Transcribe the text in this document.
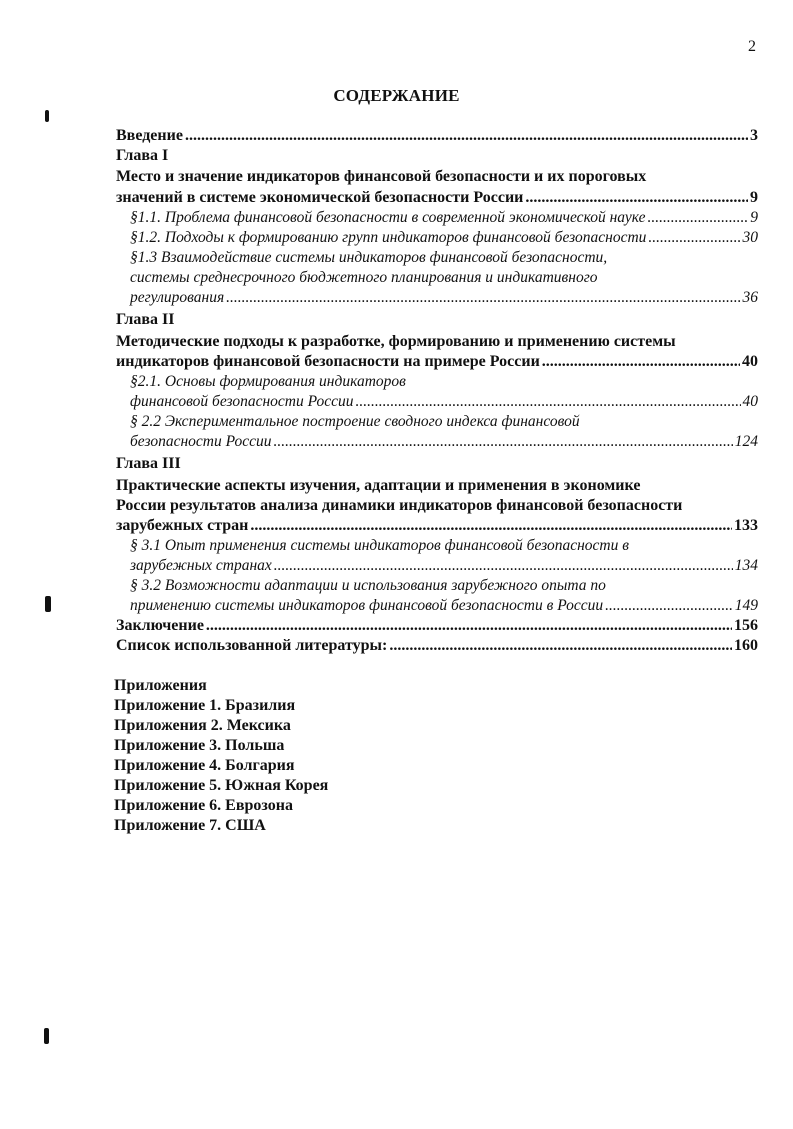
2
СОДЕРЖАНИЕ
Введение .....	3
Глава I
Место и значение индикаторов финансовой безопасности и их пороговых
значений в системе экономической безопасности России .....	9
§1.1. Проблема финансовой безопасности в современной экономической науке .....	9
§1.2. Подходы к формированию групп индикаторов финансовой безопасности .....	30
§1.3 Взаимодействие системы индикаторов финансовой безопасности,
системы среднесрочного бюджетного планирования и индикативного
регулирования .....	36
Глава II
Методические подходы к разработке, формированию и применению системы
индикаторов финансовой безопасности на примере России .....	40
§2.1. Основы формирования индикаторов
финансовой безопасности России .....	40
§ 2.2 Экспериментальное построение сводного индекса финансовой
безопасности России .....	124
Глава III
Практические аспекты изучения, адаптации и применения в экономике
России результатов анализа динамики индикаторов финансовой безопасности
зарубежных стран .....	133
§ 3.1 Опыт применения системы индикаторов финансовой безопасности в
зарубежных странах .....	134
§ 3.2 Возможности адаптации и использования зарубежного опыта по
применению системы индикаторов финансовой безопасности в России .....	149
Заключение .....	156
Список использованной литературы: .....	160
Приложения
Приложение 1. Бразилия
Приложения 2. Мексика
Приложение 3. Польша
Приложение 4. Болгария
Приложение 5. Южная Корея
Приложение 6. Еврозона
Приложение 7. США
